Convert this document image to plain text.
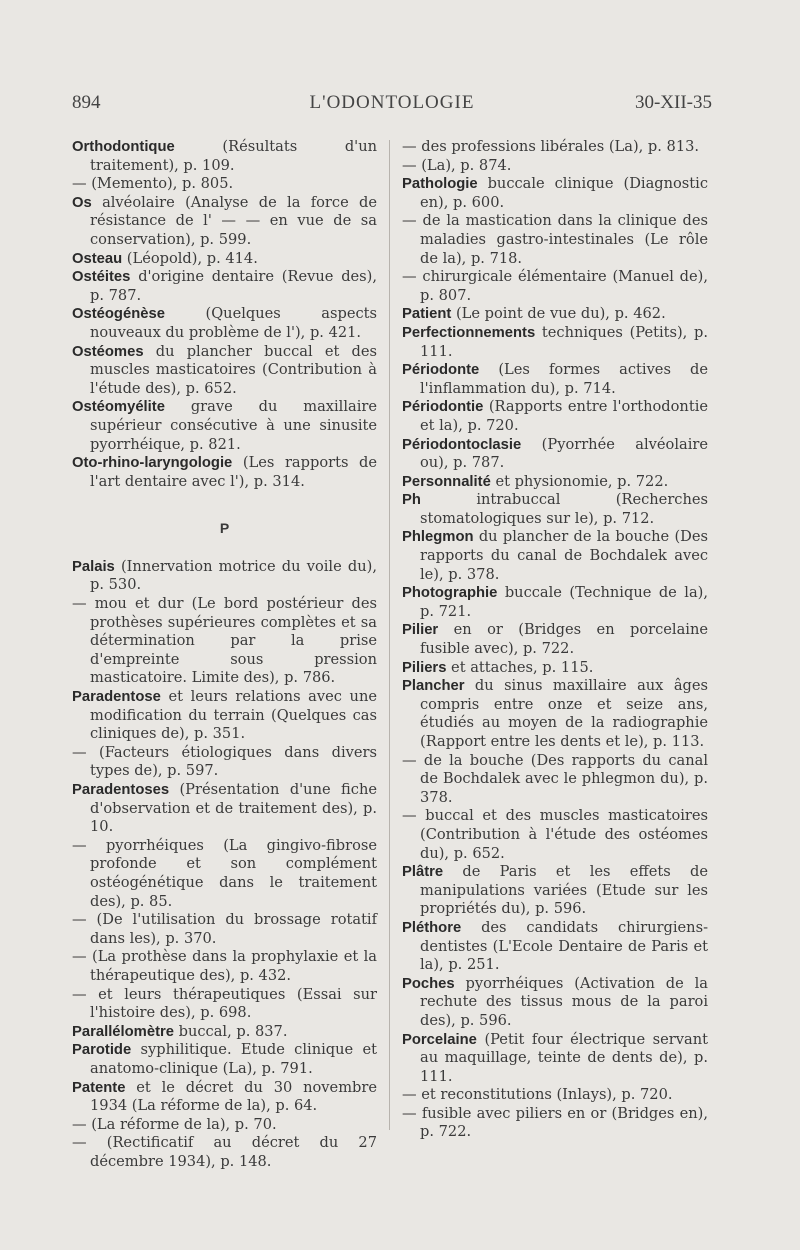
894	L'ODONTOLOGIE	30-XII-35

Orthodontique (Résultats d'un traitement), p. 109.

— (Memento), p. 805.

Os alvéolaire (Analyse de la force de résistance de l' — — en vue de sa conservation), p. 599.

Osteau (Léopold), p. 414.

Ostéites d'origine dentaire (Revue des), p. 787.

Ostéogénèse (Quelques aspects nouveaux du problème de l'), p. 421.

Ostéomes du plancher buccal et des muscles masticatoires (Contribution à l'étude des), p. 652.

Ostéomyélite grave du maxillaire supérieur consécutive à une sinusite pyorrhéique, p. 821.

Oto-rhino-laryngologie (Les rapports de l'art dentaire avec l'), p. 314.

P

Palais (Innervation motrice du voile du), p. 530.

— mou et dur (Le bord postérieur des prothèses supérieures complètes et sa détermination par la prise d'empreinte sous pression masticatoire. Limite des), p. 786.

Paradentose et leurs relations avec une modification du terrain (Quelques cas cliniques de), p. 351.

— (Facteurs étiologiques dans divers types de), p. 597.

Paradentoses (Présentation d'une fiche d'observation et de traitement des), p. 10.

— pyorrhéiques (La gingivo-fibrose profonde et son complément ostéogénétique dans le traitement des), p. 85.

— (De l'utilisation du brossage rotatif dans les), p. 370.

— (La prothèse dans la prophylaxie et la thérapeutique des), p. 432.

— et leurs thérapeutiques (Essai sur l'histoire des), p. 698.

Parallélomètre buccal, p. 837.

Parotide syphilitique. Etude clinique et anatomo-clinique (La), p. 791.

Patente et le décret du 30 novembre 1934 (La réforme de la), p. 64.

— (La réforme de la), p. 70.

— (Rectificatif au décret du 27 décembre 1934), p. 148.

— des professions libérales (La), p. 813.

— (La), p. 874.

Pathologie buccale clinique (Diagnostic en), p. 600.

— de la mastication dans la clinique des maladies gastro-intestinales (Le rôle de la), p. 718.

— chirurgicale élémentaire (Manuel de), p. 807.

Patient (Le point de vue du), p. 462.

Perfectionnements techniques (Petits), p. 111.

Périodonte (Les formes actives de l'inflammation du), p. 714.

Périodontie (Rapports entre l'orthodontie et la), p. 720.

Périodontoclasie (Pyorrhée alvéolaire ou), p. 787.

Personnalité et physionomie, p. 722.

Ph intrabuccal (Recherches stomatologiques sur le), p. 712.

Phlegmon du plancher de la bouche (Des rapports du canal de Bochdalek avec le), p. 378.

Photographie buccale (Technique de la), p. 721.

Pilier en or (Bridges en porcelaine fusible avec), p. 722.

Piliers et attaches, p. 115.

Plancher du sinus maxillaire aux âges compris entre onze et seize ans, étudiés au moyen de la radiographie (Rapport entre les dents et le), p. 113.

— de la bouche (Des rapports du canal de Bochdalek avec le phlegmon du), p. 378.

— buccal et des muscles masticatoires (Contribution à l'étude des ostéomes du), p. 652.

Plâtre de Paris et les effets de manipulations variées (Etude sur les propriétés du), p. 596.

Pléthore des candidats chirurgiens-dentistes (L'Ecole Dentaire de Paris et la), p. 251.

Poches pyorrhéiques (Activation de la rechute des tissus mous de la paroi des), p. 596.

Porcelaine (Petit four électrique servant au maquillage, teinte de dents de), p. 111.

— et reconstitutions (Inlays), p. 720.

— fusible avec piliers en or (Bridges en), p. 722.
